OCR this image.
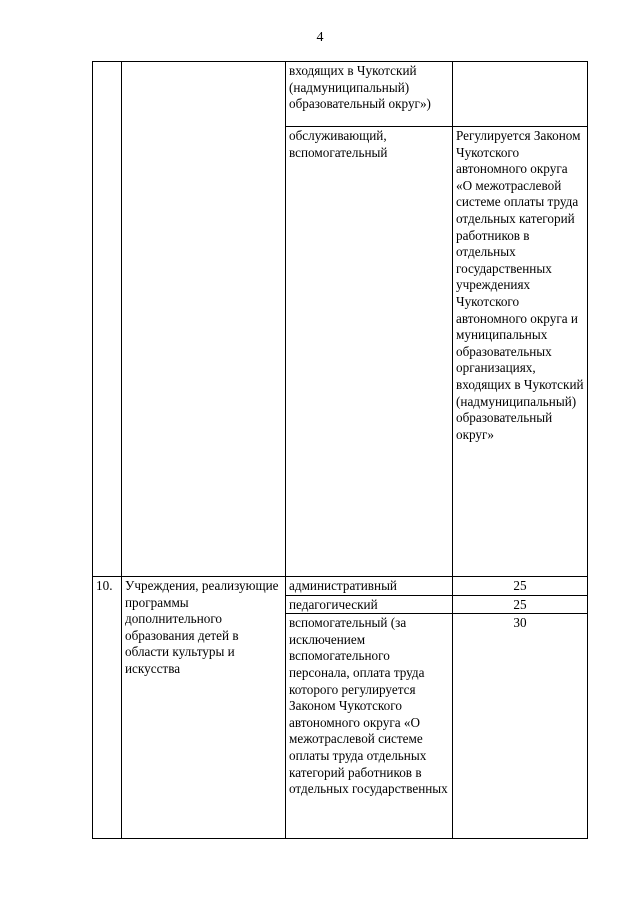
4
		входящих в Чукотский (надмуниципальный) образовательный округ»)	
		обслуживающий, вспомогательный	Регулируется Законом Чукотского автономного округа «О межотраслевой системе оплаты труда отдельных категорий работников в отдельных государственных учреждениях Чукотского автономного округа и муниципальных образовательных организациях, входящих в Чукотский (надмуниципальный) образовательный округ»
10.	Учреждения, реализующие программы дополнительного образования детей в области культуры и искусства	административный	25
		педагогический	25
		вспомогательный (за исключением вспомогательного персонала, оплата труда которого регулируется Законом Чукотского автономного округа «О межотраслевой системе оплаты труда отдельных категорий работников в отдельных государственных	30
